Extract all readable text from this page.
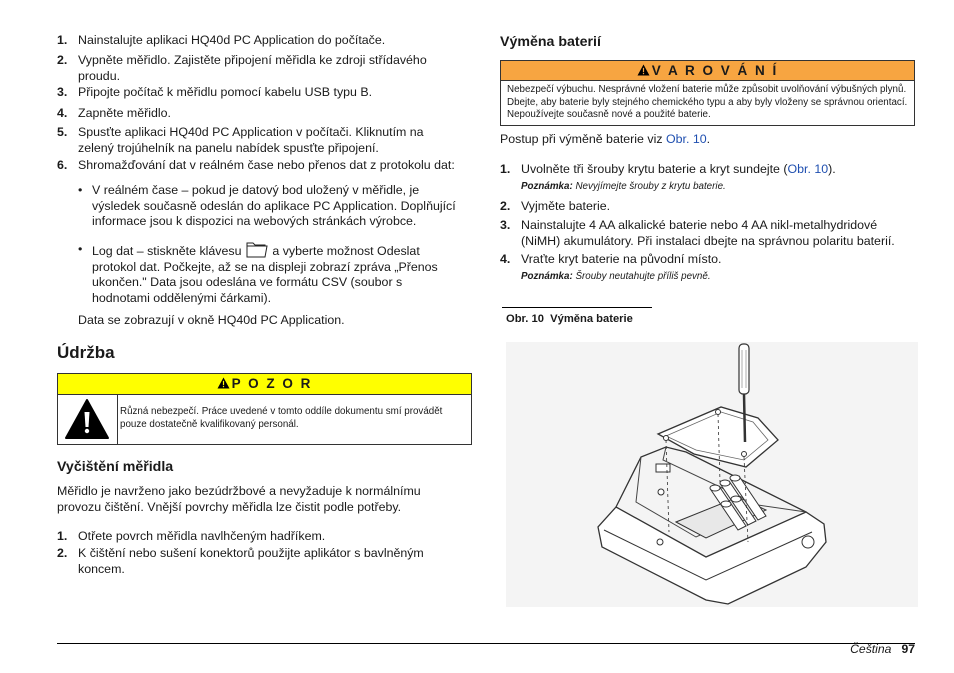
1. Nainstalujte aplikaci HQ40d PC Application do počítače.
2. Vypněte měřidlo. Zajistěte připojení měřidla ke zdroji střídavého proudu.
3. Připojte počítač k měřidlu pomocí kabelu USB typu B.
4. Zapněte měřidlo.
5. Spusťte aplikaci HQ40d PC Application v počítači. Kliknutím na zelený trojúhelník na panelu nabídek spusťte připojení.
6. Shromažďování dat v reálném čase nebo přenos dat z protokolu dat:
• V reálném čase – pokud je datový bod uložený v měřidle, je výsledek současně odeslán do aplikace PC Application. Doplňující informace jsou k dispozici na webových stránkách výrobce.
• Log dat – stiskněte klávesu a vyberte možnost Odeslat protokol dat. Počkejte, až se na displeji zobrazí zpráva „Přenos ukončen." Data jsou odeslána ve formátu CSV (soubor s hodnotami oddělenými čárkami).
Data se zobrazují v okně HQ40d PC Application.
Údržba
P O Z O R
Různá nebezpečí. Práce uvedené v tomto oddíle dokumentu smí provádět pouze dostatečně kvalifikovaný personál.
Vyčištění měřidla
Měřidlo je navrženo jako bezúdržbové a nevyžaduje k normálnímu provozu čištění. Vnější povrchy měřidla lze čistit podle potřeby.
1. Otřete povrch měřidla navlhčeným hadříkem.
2. K čištění nebo sušení konektorů použijte aplikátor s bavlněným koncem.
Výměna baterií
V A R O V Á N Í
Nebezpečí výbuchu. Nesprávné vložení baterie může způsobit uvolňování výbušných plynů. Dbejte, aby baterie byly stejného chemického typu a aby byly vloženy se správnou orientací. Nepoužívejte současně nové a použité baterie.
Postup při výměně baterie viz Obr. 10.
1. Uvolněte tři šrouby krytu baterie a kryt sundejte (Obr. 10).
Poznámka: Nevyjímejte šrouby z krytu baterie.
2. Vyjměte baterie.
3. Nainstalujte 4 AA alkalické baterie nebo 4 AA nikl-metalhydridové (NiMH) akumulátory. Při instalaci dbejte na správnou polaritu baterií.
4. Vraťte kryt baterie na původní místo.
Poznámka: Šrouby neutahujte příliš pevně.
Obr. 10  Výměna baterie
Čeština 97
